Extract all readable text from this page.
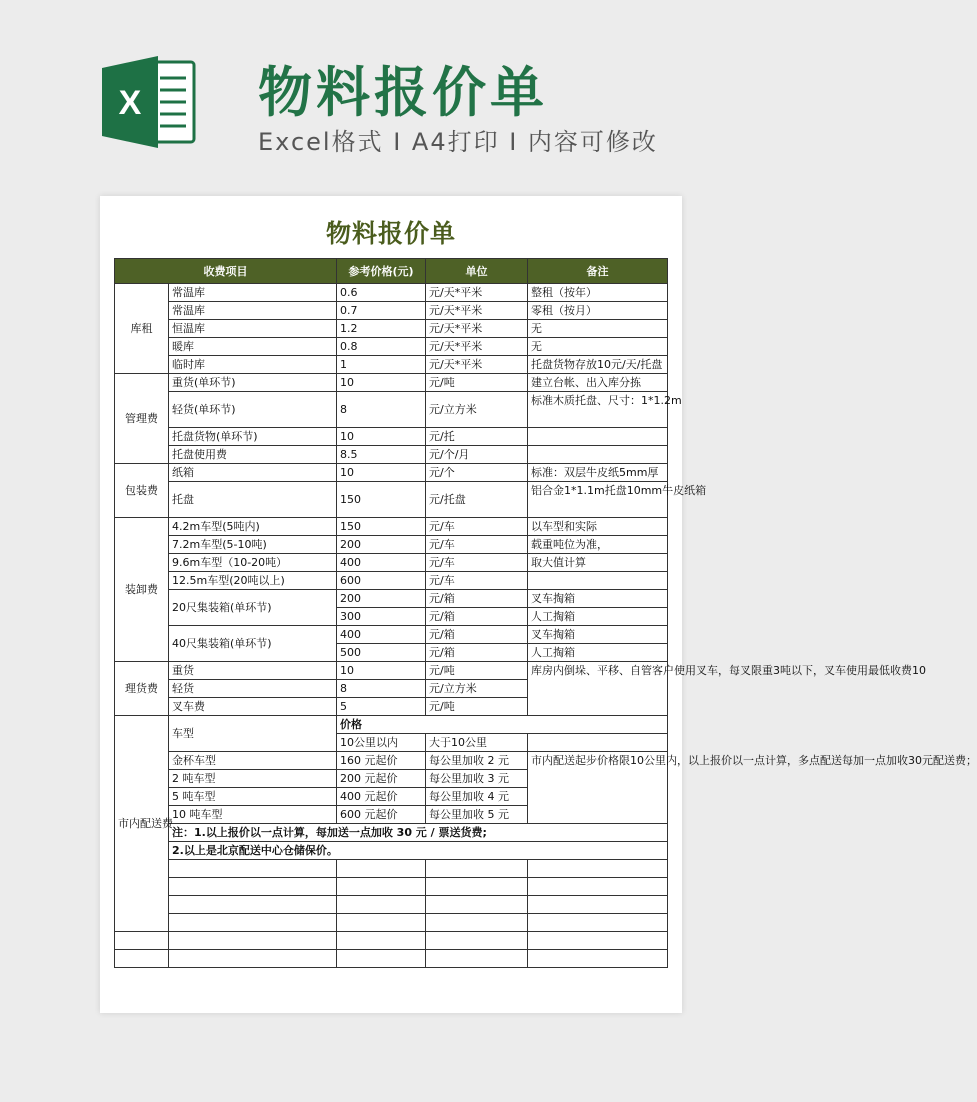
X 物料报价单
Excel格式 I A4打印 I 内容可修改
物料报价单
收费项目		参考价格(元)	单位	备注
库租	常温库	0.6	元/天*平米	整租（按年）
	常温库	0.7	元/天*平米	零租（按月）
	恒温库	1.2	元/天*平米	无
	暖库	0.8	元/天*平米	无
	临时库	1	元/天*平米	托盘货物存放10元/天/托盘
管理费	重货(单环节)	10	元/吨	建立台帐、出入库分拣
	轻货(单环节)	8	元/立方米	标准木质托盘、尺寸：1*1.2m
	托盘货物(单环节)	10	元/托	
	托盘使用费	8.5	元/个/月	
包装费	纸箱	10	元/个	标准：双层牛皮纸5mm厚
	托盘	150	元/托盘	铝合金1*1.1m托盘10mm牛皮纸箱
装卸费	4.2m车型(5吨内)	150	元/车	以车型和实际
	7.2m车型(5-10吨)	200	元/车	载重吨位为准，
	9.6m车型（10-20吨）	400	元/车	取大值计算
	12.5m车型(20吨以上)	600	元/车	
	20尺集装箱(单环节)	200	元/箱	叉车掏箱
		300	元/箱	人工掏箱
	40尺集装箱(单环节)	400	元/箱	叉车掏箱
		500	元/箱	人工掏箱
理货费	重货	10	元/吨	库房内倒垛、平移、自管客户使用叉车，每叉限重3吨以下，叉车使用最低收费10
	轻货	8	元/立方米	
	叉车费	5	元/吨	
市内配送费	车型	价格		
		10公里以内	大于10公里	
	金杯车型	160 元起价	每公里加收 2 元	市内配送起步价格限10公里内，以上报价以一点计算，多点配送每加一点加收30元配送费；
	2 吨车型	200 元起价	每公里加收 3 元	
	5 吨车型	400 元起价	每公里加收 4 元	
	10 吨车型	600 元起价	每公里加收 5 元	
	注：1.以上报价以一点计算，每加送一点加收 30 元 / 票送货费;			
	2.以上是北京配送中心仓储保价。			
